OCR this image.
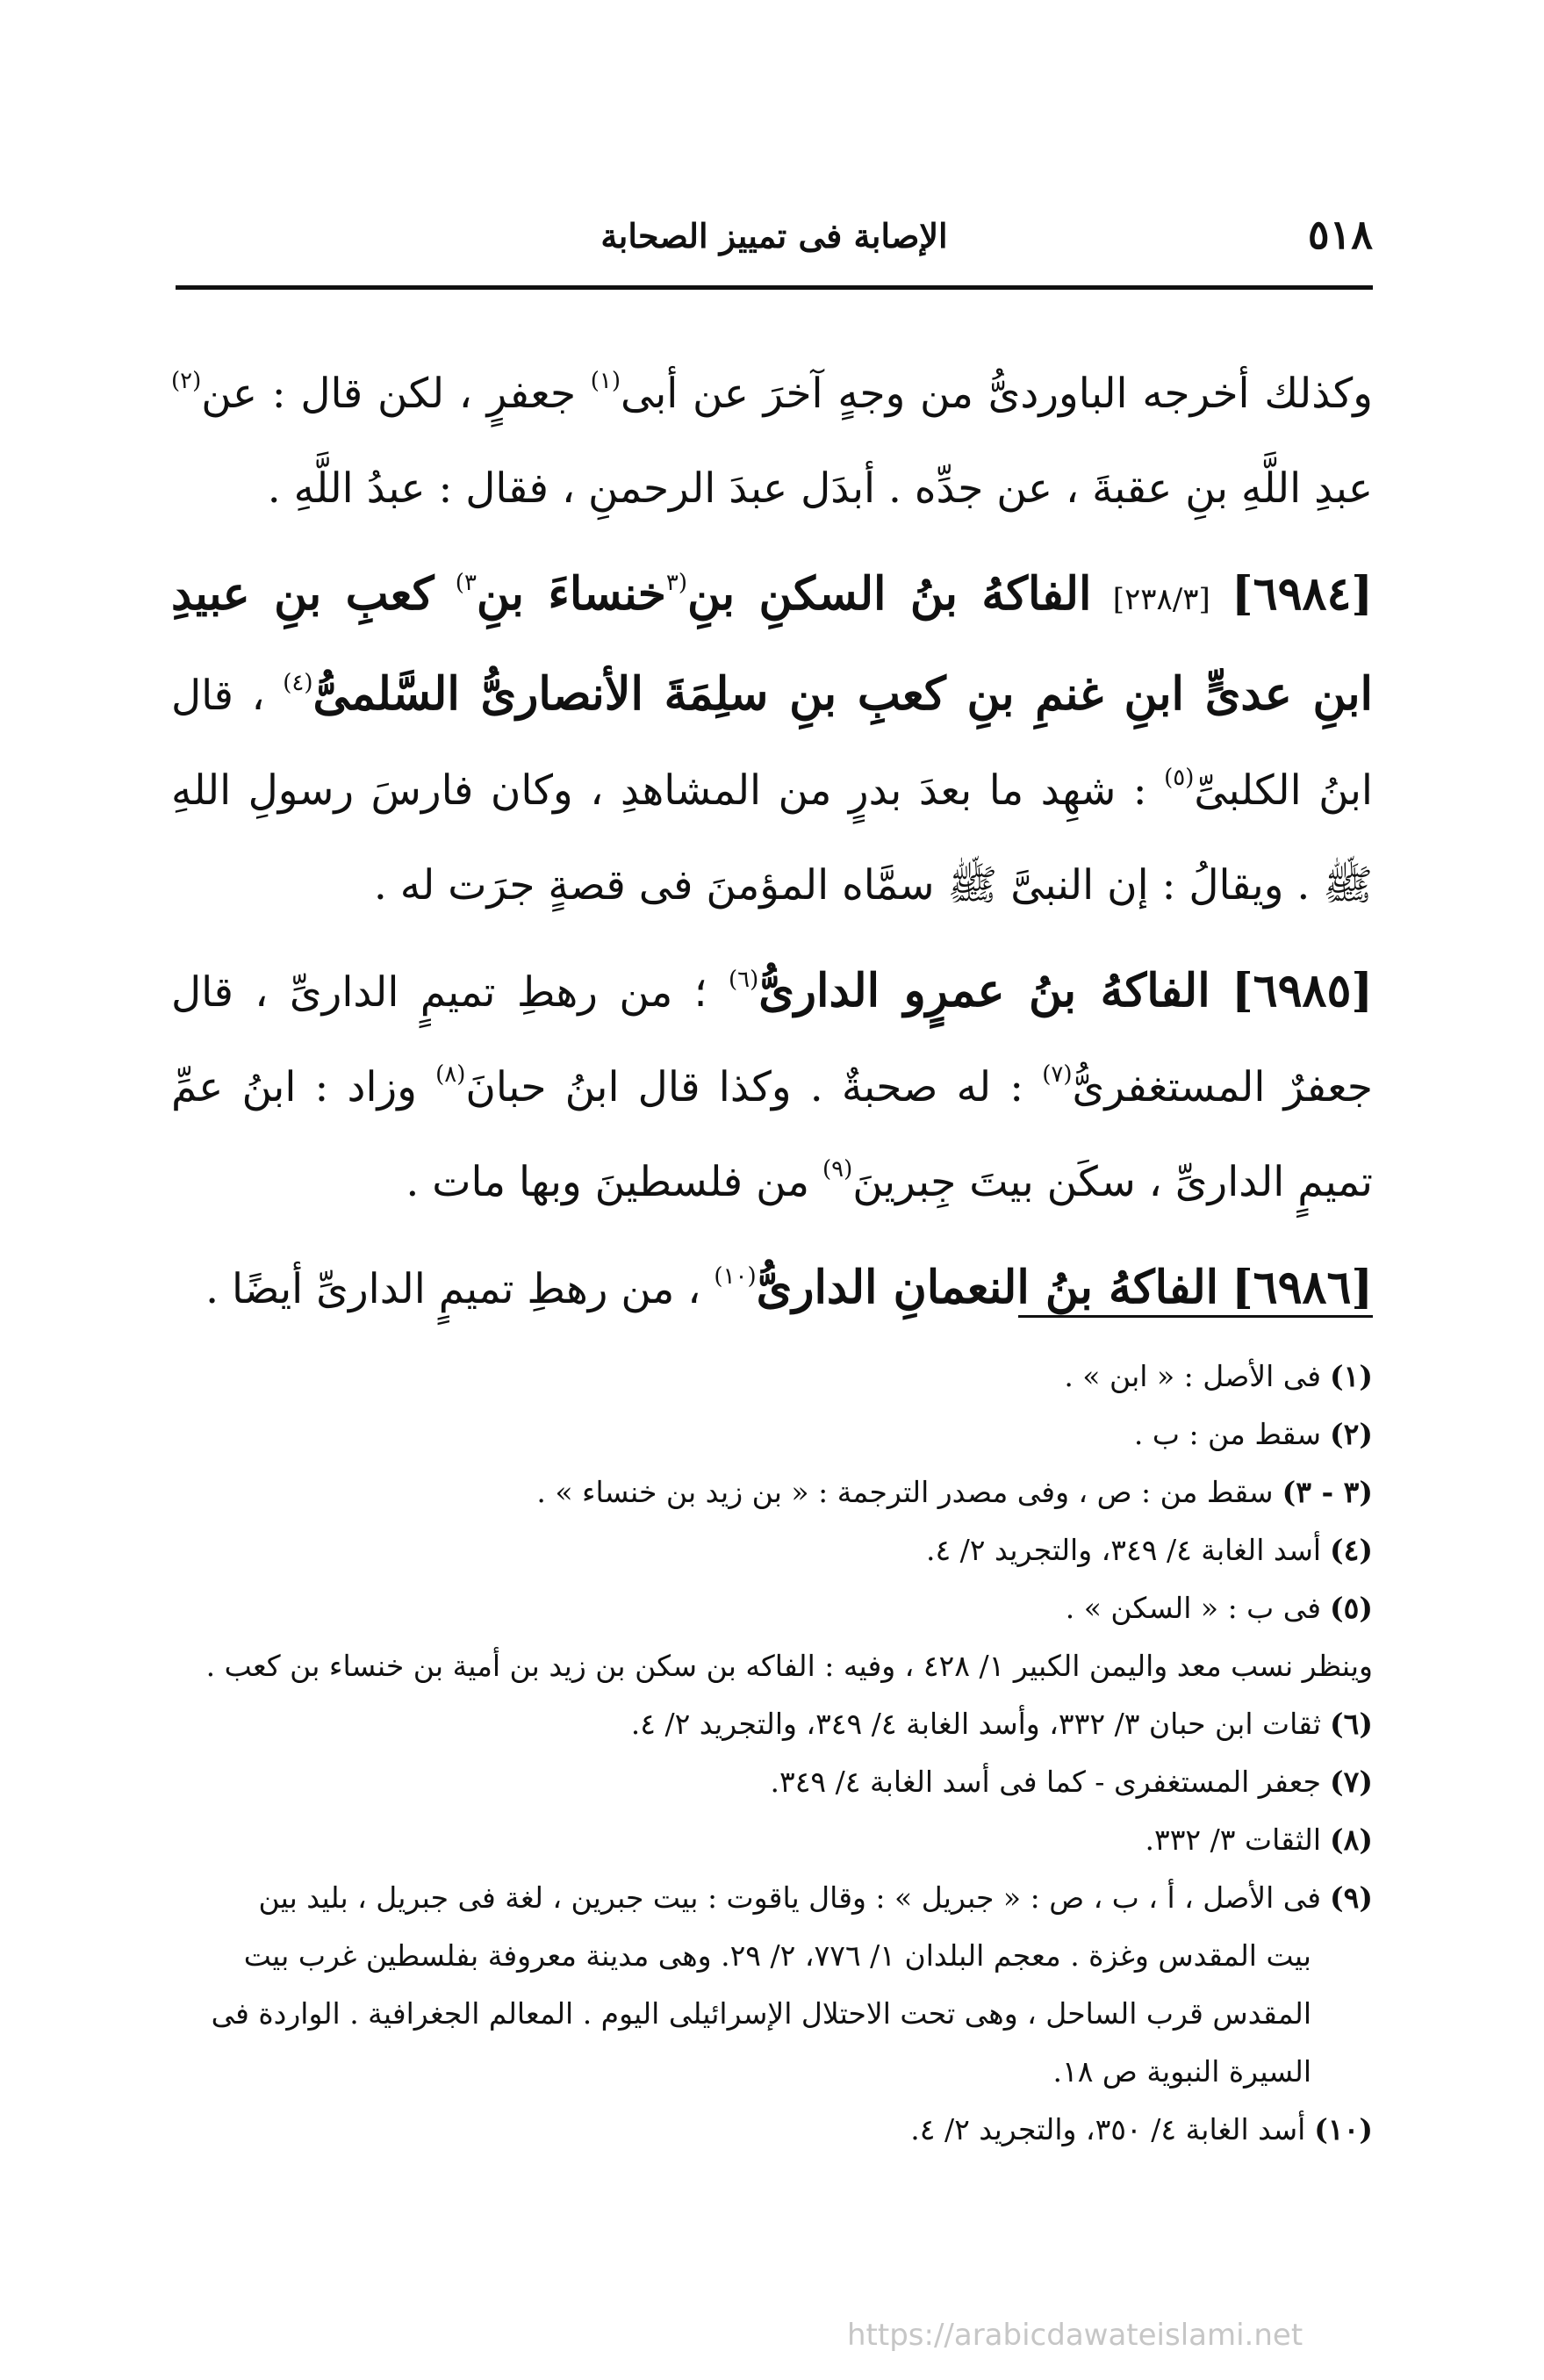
٥١٨
الإصابة فى تمييز الصحابة

وكذلك أخرجه الباوردىُّ من وجهٍ آخرَ عن أبى$^{(١)}$ جعفرٍ ، لكن قال : عن$^{(٢)}$ عبدِ اللَّهِ بنِ عقبةَ ، عن جدِّه . أبدَل عبدَ الرحمنِ ، فقال : عبدُ اللَّهِ .

[٦٩٨٤] [٢٣٨/٣] الفاكهُ بنُ السكنِ بنِ$^{(٣}$خنساءَ بنِ$^{٣)}$ كعبِ بنِ عبيدِ ابنِ عدىٍّ ابنِ غنمِ بنِ كعبِ بنِ سلِمَةَ الأنصارىُّ السَّلمىُّ$^{(٤)}$ ، قال ابنُ الكلبىِّ$^{(٥)}$ : شهِد ما بعدَ بدرٍ من المشاهدِ ، وكان فارسَ رسولِ اللهِ ﷺ . ويقالُ : إن النبىَّ ﷺ سمَّاه المؤمنَ فى قصةٍ جرَت له .

[٦٩٨٥] الفاكهُ بنُ عمرٍو الدارىُّ$^{(٦)}$ ؛ من رهطِ تميمٍ الدارىِّ ، قال جعفرٌ المستغفرىُّ$^{(٧)}$ : له صحبةٌ . وكذا قال ابنُ حبانَ$^{(٨)}$ وزاد : ابنُ عمِّ تميمٍ الدارىِّ ، سكَن بيتَ جِبرينَ$^{(٩)}$ من فلسطينَ وبها مات .

[٦٩٨٦] الفاكهُ بنُ النعمانِ الدارىُّ$^{(١٠)}$ ، من رهطِ تميمٍ الدارىِّ أيضًا .

(١)فى الأصل : « ابن » .

(٢)سقط من : ب .

(٣ - ٣)سقط من : ص ، وفى مصدر الترجمة : « بن زيد بن خنساء » .

(٤)أسد الغابة ٤/ ٣٤٩، والتجريد ٢/ ٤.

(٥)فى ب : « السكن » .

وينظر نسب معد واليمن الكبير ١/ ٤٢٨ ، وفيه : الفاكه بن سكن بن زيد بن أمية بن خنساء بن كعب .

(٦)ثقات ابن حبان ٣/ ٣٣٢، وأسد الغابة ٤/ ٣٤٩، والتجريد ٢/ ٤.

(٧)جعفر المستغفرى - كما فى أسد الغابة ٤/ ٣٤٩.

(٨)الثقات ٣/ ٣٣٢.

(٩)فى الأصل ، أ ، ب ، ص : « جبريل » : وقال ياقوت : بيت جبرين ، لغة فى جبريل ، بليد بين

بيت المقدس وغزة . معجم البلدان ١/ ٧٧٦، ٢/ ٢٩. وهى مدينة معروفة بفلسطين غرب بيت

المقدس قرب الساحل ، وهى تحت الاحتلال الإسرائيلى اليوم . المعالم الجغرافية . الواردة فى

السيرة النبوية ص ١٨.

(١٠)أسد الغابة ٤/ ٣٥٠، والتجريد ٢/ ٤.

https://arabicdawateislami.net
